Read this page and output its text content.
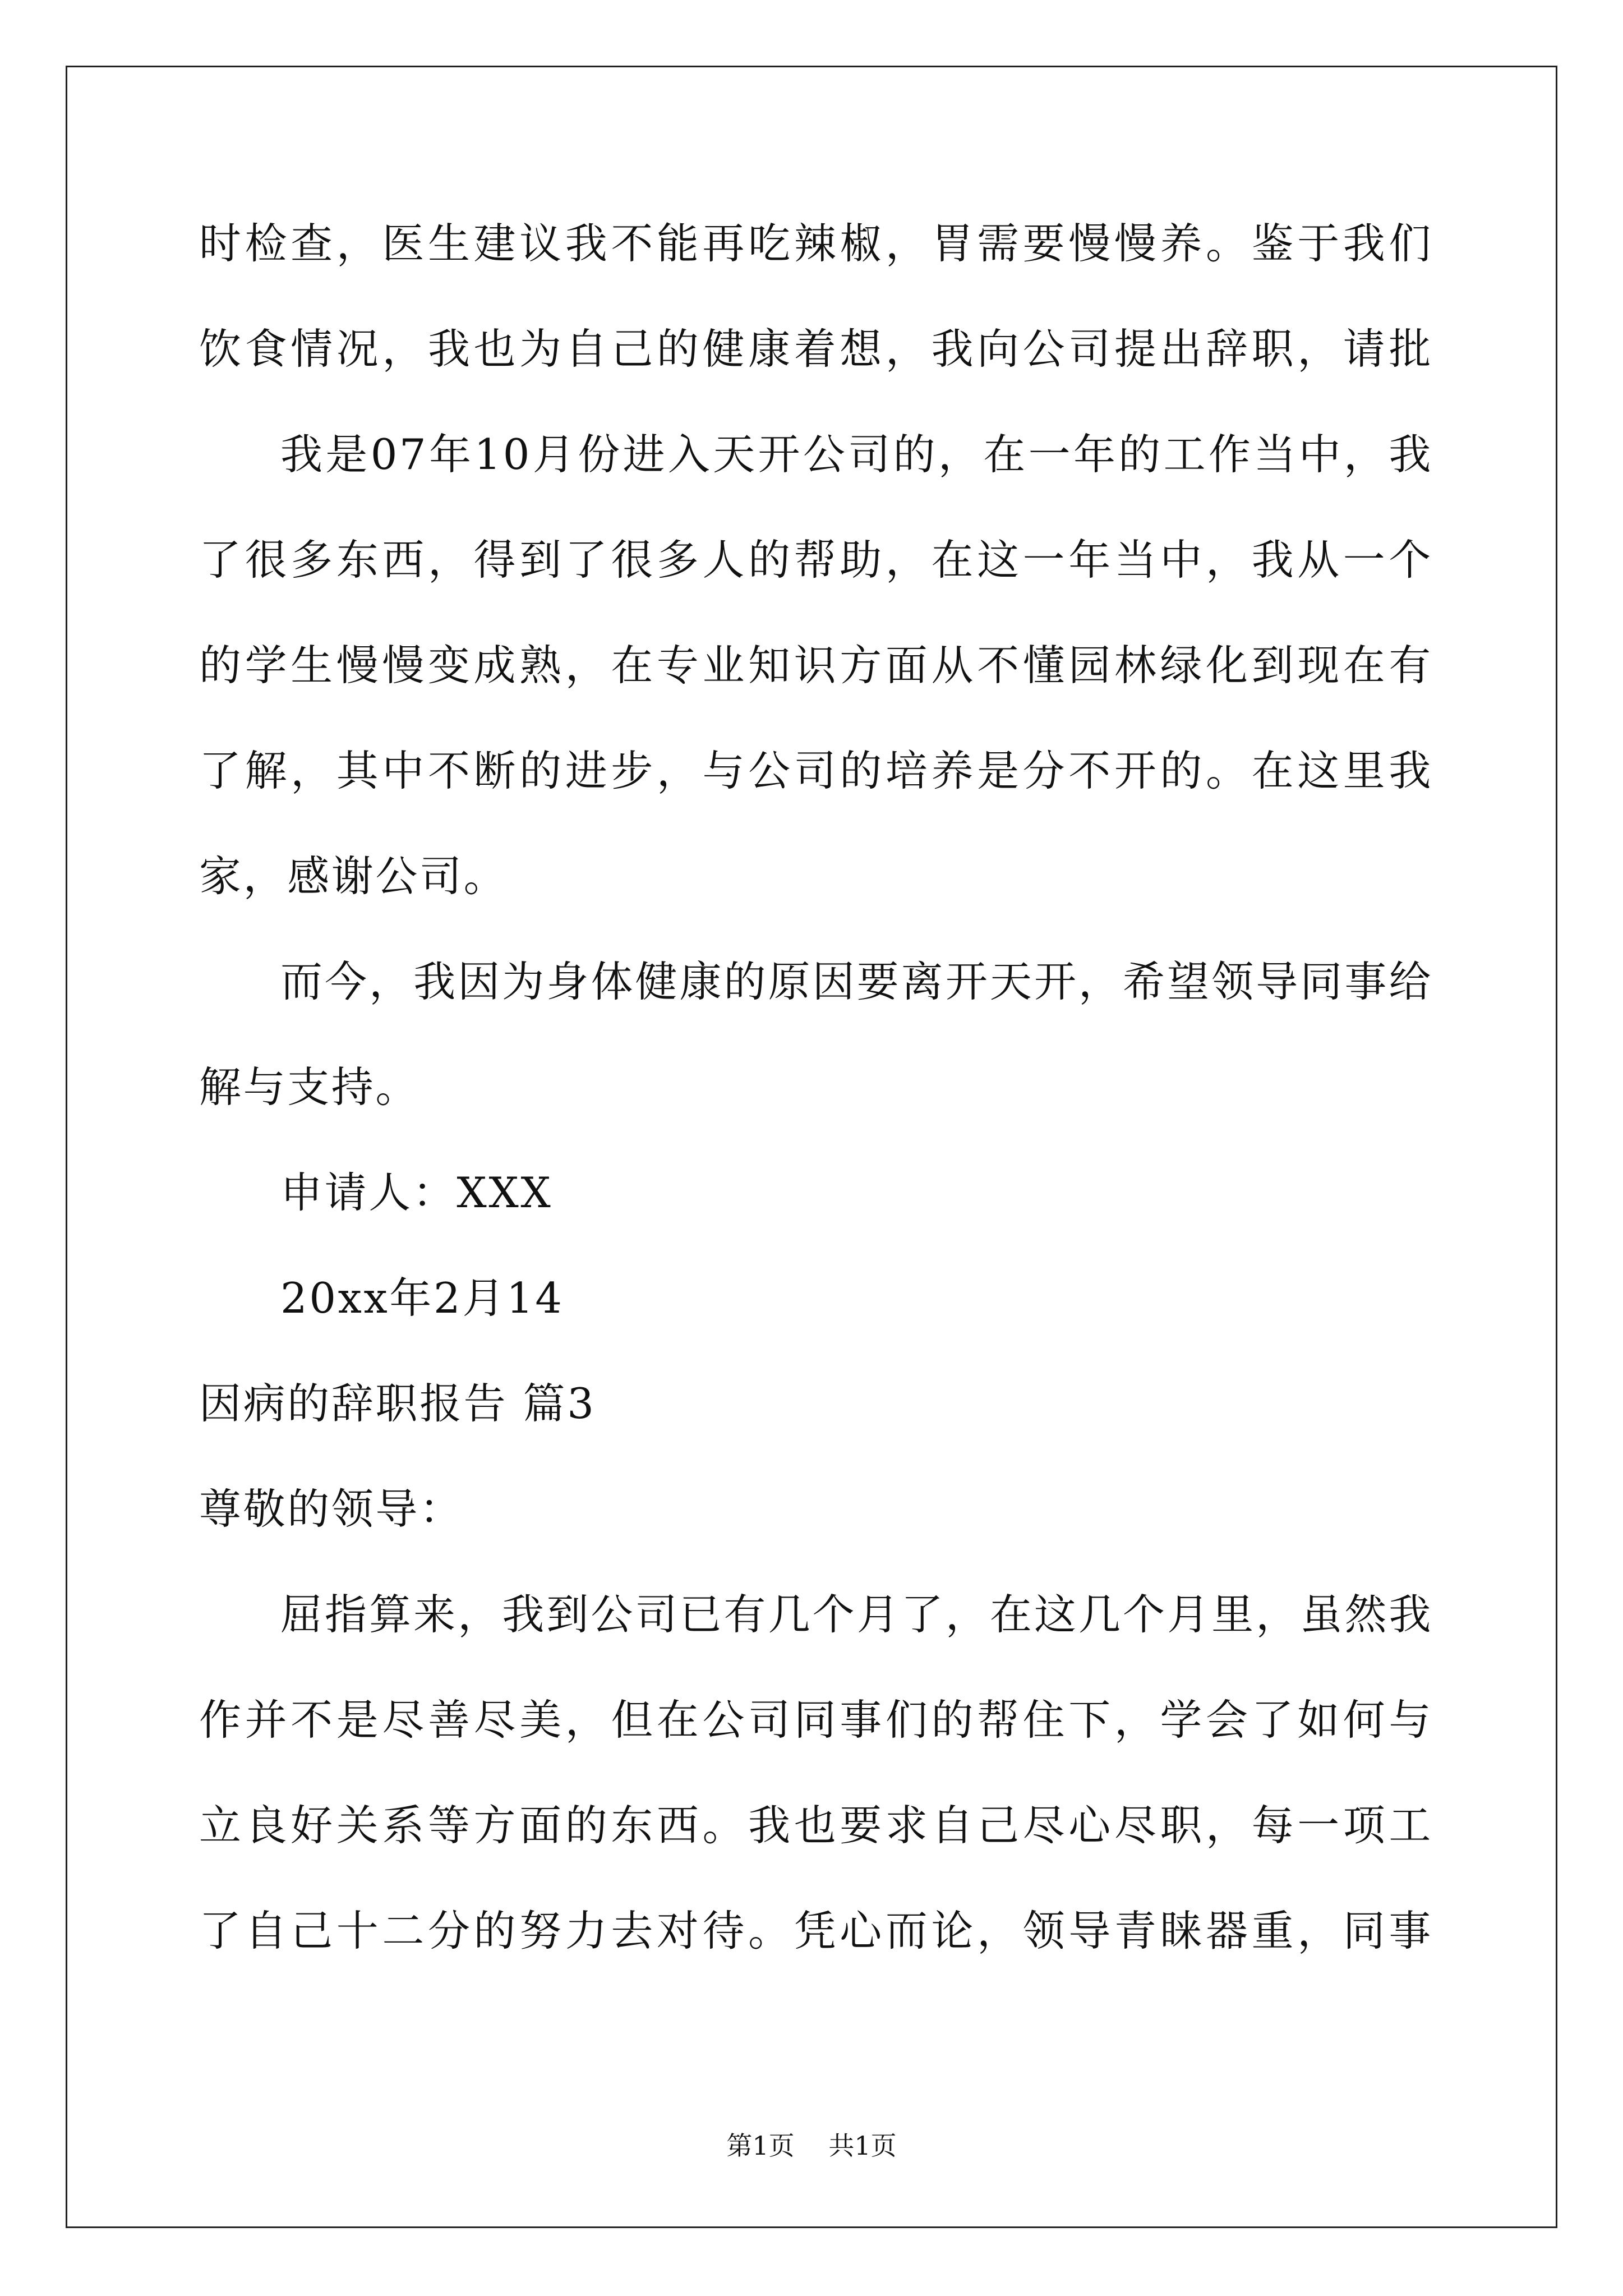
时检查，医生建议我不能再吃辣椒，胃需要慢慢养。鉴于我们

饮食情况，我也为自己的健康着想，我向公司提出辞职，请批

我是07年10月份进入天开公司的，在一年的工作当中，我

了很多东西，得到了很多人的帮助，在这一年当中，我从一个

的学生慢慢变成熟，在专业知识方面从不懂园林绿化到现在有

了解，其中不断的进步，与公司的培养是分不开的。在这里我

家，感谢公司。

而今，我因为身体健康的原因要离开天开，希望领导同事给

解与支持。

申请人：XXX

20xx年2月14

因病的辞职报告 篇3

尊敬的领导：

屈指算来，我到公司已有几个月了，在这几个月里，虽然我

作并不是尽善尽美，但在公司同事们的帮住下，学会了如何与

立良好关系等方面的东西。我也要求自己尽心尽职，每一项工

了自己十二分的努力去对待。凭心而论，领导青睐器重，同事

第1页 共1页
